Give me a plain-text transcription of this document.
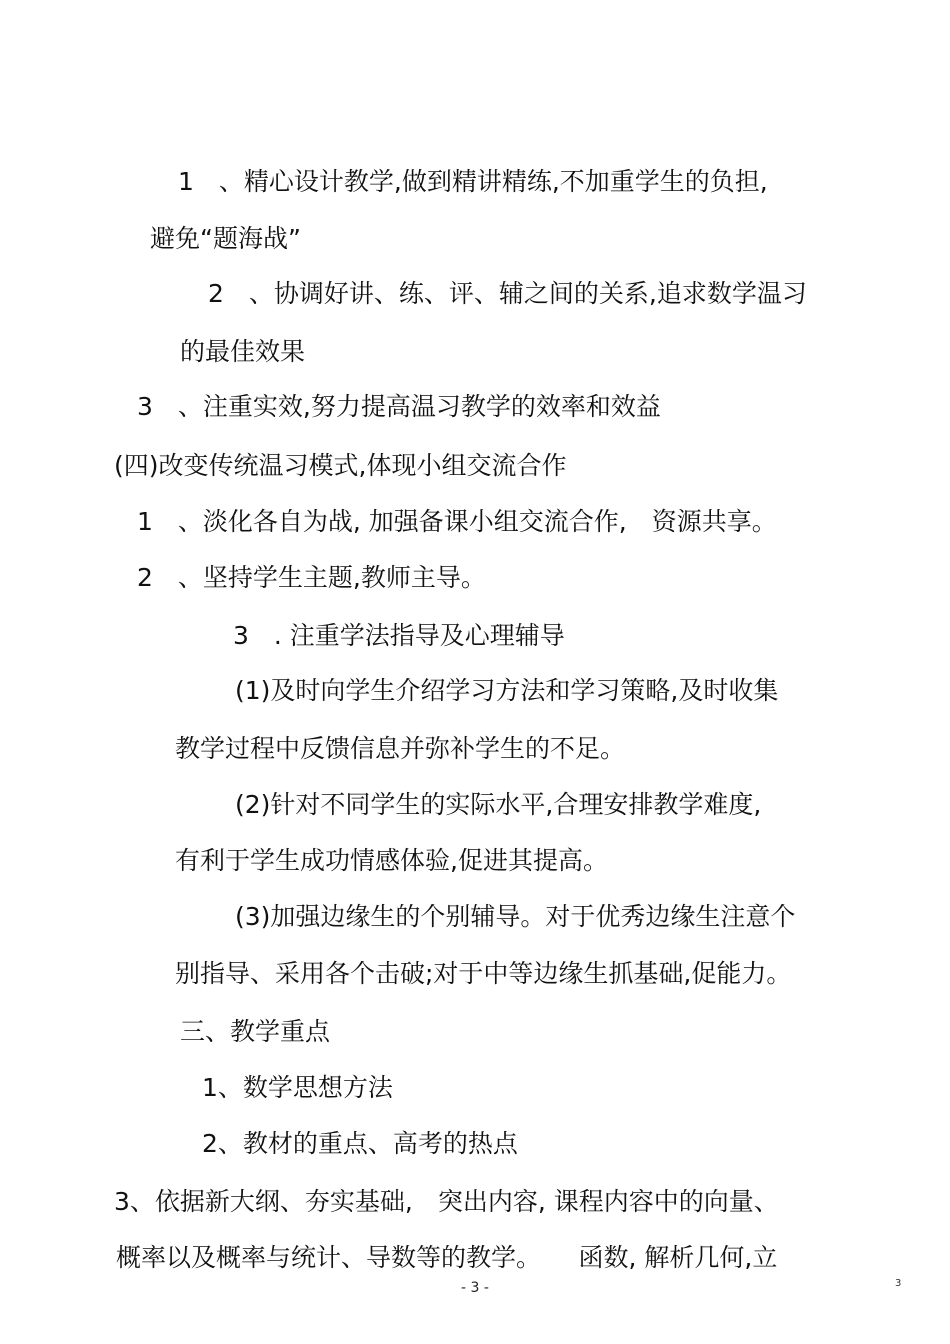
1　、精心设计教学,做到精讲精练,不加重学生的负担,
避免“题海战”
2　、协调好讲、练、评、辅之间的关系,追求数学温习
的最佳效果
3　、注重实效,努力提高温习教学的效率和效益
(四)改变传统温习模式,体现小组交流合作
1　、淡化各自为战, 加强备课小组交流合作,　资源共享。
2　、坚持学生主题,教师主导。
3　. 注重学法指导及心理辅导
(1)及时向学生介绍学习方法和学习策略,及时收集
教学过程中反馈信息并弥补学生的不足。
(2)针对不同学生的实际水平,合理安排教学难度,
有利于学生成功情感体验,促进其提高。
(3)加强边缘生的个别辅导。对于优秀边缘生注意个
别指导、采用各个击破;对于中等边缘生抓基础,促能力。
三、教学重点
1、数学思想方法
2、教材的重点、高考的热点
3、依据新大纲、夯实基础,　突出内容, 课程内容中的向量、
概率以及概率与统计、导数等的教学。　　函数, 解析几何,立
- 3 -	3
